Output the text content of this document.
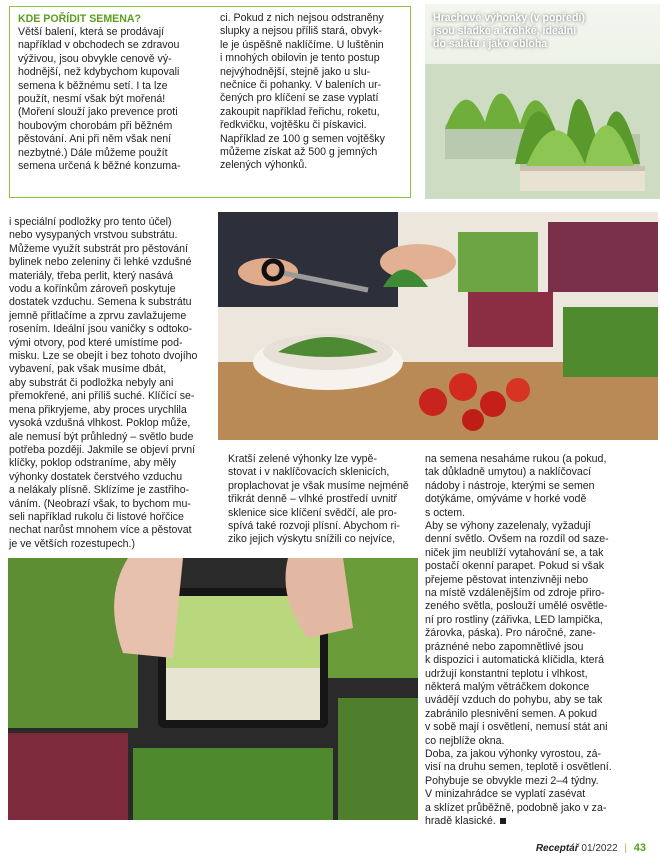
KDE POŘÍDIT SEMENA?

Větší balení, která se prodávají
například v obchodech se zdravou
výživou, jsou obvykle cenově vý-
hodnější, než kdybychom kupovali
semena k běžnému setí. I ta lze
použít, nesmí však být mořená!
(Moření slouží jako prevence proti
houbovým chorobám při běžném
pěstování. Ani při něm však není
nezbytné.) Dále můžeme použít
semena určená k běžné konzuma-

ci. Pokud z nich nejsou odstraněny
slupky a nejsou příliš stará, obvyk-
le je úspěšně naklíčíme. U luštěnin
i mnohých obilovin je tento postup
nejvýhodnější, stejně jako u slu-
nečnice či pohanky. V baleních ur-
čených pro klíčení se zase vyplatí
zakoupit například řeřichu, roketu,
ředkvičku, vojtěšku či pískavici.
Například ze 100 g semen vojtěšky
můžeme získat až 500 g jemných
zelených výhonků.

Hrachové výhonky (v popředí)
jsou sladké a křehké, ideální
do salátu i jako obloha

i speciální podložky pro tento účel)
nebo vysypaných vrstvou substrátu.
Můžeme využít substrát pro pěstování
bylinek nebo zeleniny či lehké vzdušné
materiály, třeba perlit, který nasává
vodu a kořínkům zároveň poskytuje
dostatek vzduchu. Semena k substrátu
jemně přitlačíme a zprvu zavlažujeme
rosením. Ideální jsou vaničky s odtoko-
vými otvory, pod které umístíme pod-
misku. Lze se obejít i bez tohoto dvojího
vybavení, pak však musíme dbát,
aby substrát či podložka nebyly ani
přemokřené, ani příliš suché. Klíčící se-
mena přikryjeme, aby proces urychlila
vysoká vzdušná vlhkost. Poklop může,
ale nemusí být průhledný – světlo bude
potřeba později. Jakmile se objeví první
klíčky, poklop odstraníme, aby měly
výhonky dostatek čerstvého vzduchu
a nelákaly plísně. Sklízíme je zastřiho-
váním. (Neobrazí však, to bychom mu-
seli například rukolu či listové hořčice
nechat narůst mnohem více a pěstovat
je ve větších rozestupech.)

Kratší zelené výhonky lze vypě-
stovat i v naklíčovacích sklenicích,
proplachovat je však musíme nejméně
třikrát denně – vlhké prostředí uvnitř
sklenice sice klíčení svědčí, ale pro-
spívá také rozvoji plísní. Abychom ri-
ziko jejich výskytu snížili co nejvíce,

na semena nesaháme rukou (a pokud,
tak důkladně umytou) a naklíčovací
nádoby i nástroje, kterými se semen
dotýkáme, omýváme v horké vodě
s octem.
Aby se výhony zazelenaly, vyžadují
denní světlo. Ovšem na rozdíl od saze-
niček jim neublíží vytahování se, a tak
postačí okenní parapet. Pokud si však
přejeme pěstovat intenzivněji nebo
na místě vzdálenějším od zdroje přiro-
zeného světla, poslouží umělé osvětle-
ní pro rostliny (zářivka, LED lampička,
žárovka, páska). Pro náročné, zane-
práznéné nebo zapomnětlivé jsou
k dispozici i automatická klíčidla, která
udržují konstantní teplotu i vlhkost,
některá malým větráčkem dokonce
uvádějí vzduch do pohybu, aby se tak
zabránilo plesnivění semen. A pokud
v sobě mají i osvětlení, nemusí stát ani
co nejblíže okna.
Doba, za jakou výhonky vyrostou, zá-
visí na druhu semen, teplotě i osvětlení.
Pohybuje se obvykle mezi 2–4 týdny.
V minizahrádce se vyplatí zasévat
a sklízet průběžně, podobně jako v za-
hradě klasické.

Receptář 01/2022 | 43
